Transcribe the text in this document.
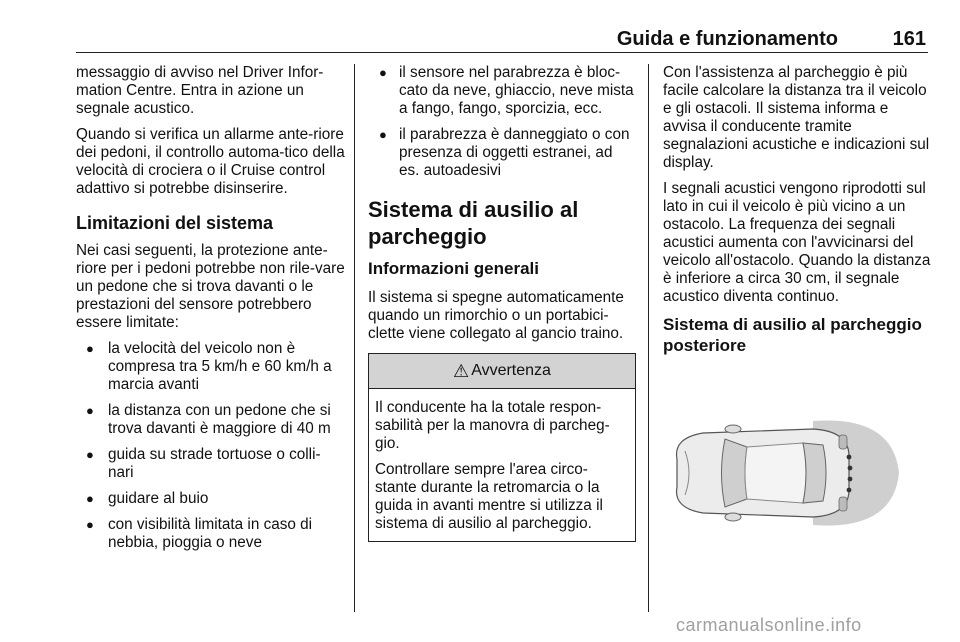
Guida e funzionamento	161

messaggio di avviso nel Driver Infor-mation Centre. Entra in azione un segnale acustico.

Quando si verifica un allarme ante-riore dei pedoni, il controllo automa-tico della velocità di crociera o il Cruise control adattivo si potrebbe disinserire.

Limitazioni del sistema

Nei casi seguenti, la protezione ante-riore per i pedoni potrebbe non rile-vare un pedone che si trova davanti o le prestazioni del sensore potrebbero essere limitate:

● la velocità del veicolo non è compresa tra 5 km/h e 60 km/h a marcia avanti
● la distanza con un pedone che si trova davanti è maggiore di 40 m
● guida su strade tortuose o colli-nari
● guidare al buio
● con visibilità limitata in caso di nebbia, pioggia o neve
● il sensore nel parabrezza è bloc-cato da neve, ghiaccio, neve mista a fango, fango, sporcizia, ecc.
● il parabrezza è danneggiato o con presenza di oggetti estranei, ad es. autoadesivi
Sistema di ausilio al parcheggio
Informazioni generali

Il sistema si spegne automaticamente quando un rimorchio o un portabici-clette viene collegato al gancio traino.

⚠ Avvertenza

Il conducente ha la totale respon-sabilità per la manovra di parcheg-gio.

Controllare sempre l'area circo-stante durante la retromarcia o la guida in avanti mentre si utilizza il sistema di ausilio al parcheggio.

Con l'assistenza al parcheggio è più facile calcolare la distanza tra il veicolo e gli ostacoli. Il sistema informa e avvisa il conducente tramite segnalazioni acustiche e indicazioni sul display.

I segnali acustici vengono riprodotti sul lato in cui il veicolo è più vicino a un ostacolo. La frequenza dei segnali acustici aumenta con l'avvicinarsi del veicolo all'ostacolo. Quando la distanza è inferiore a circa 30 cm, il segnale acustico diventa continuo.

Sistema di ausilio al parcheggio posteriore
carmanualsonline.info
